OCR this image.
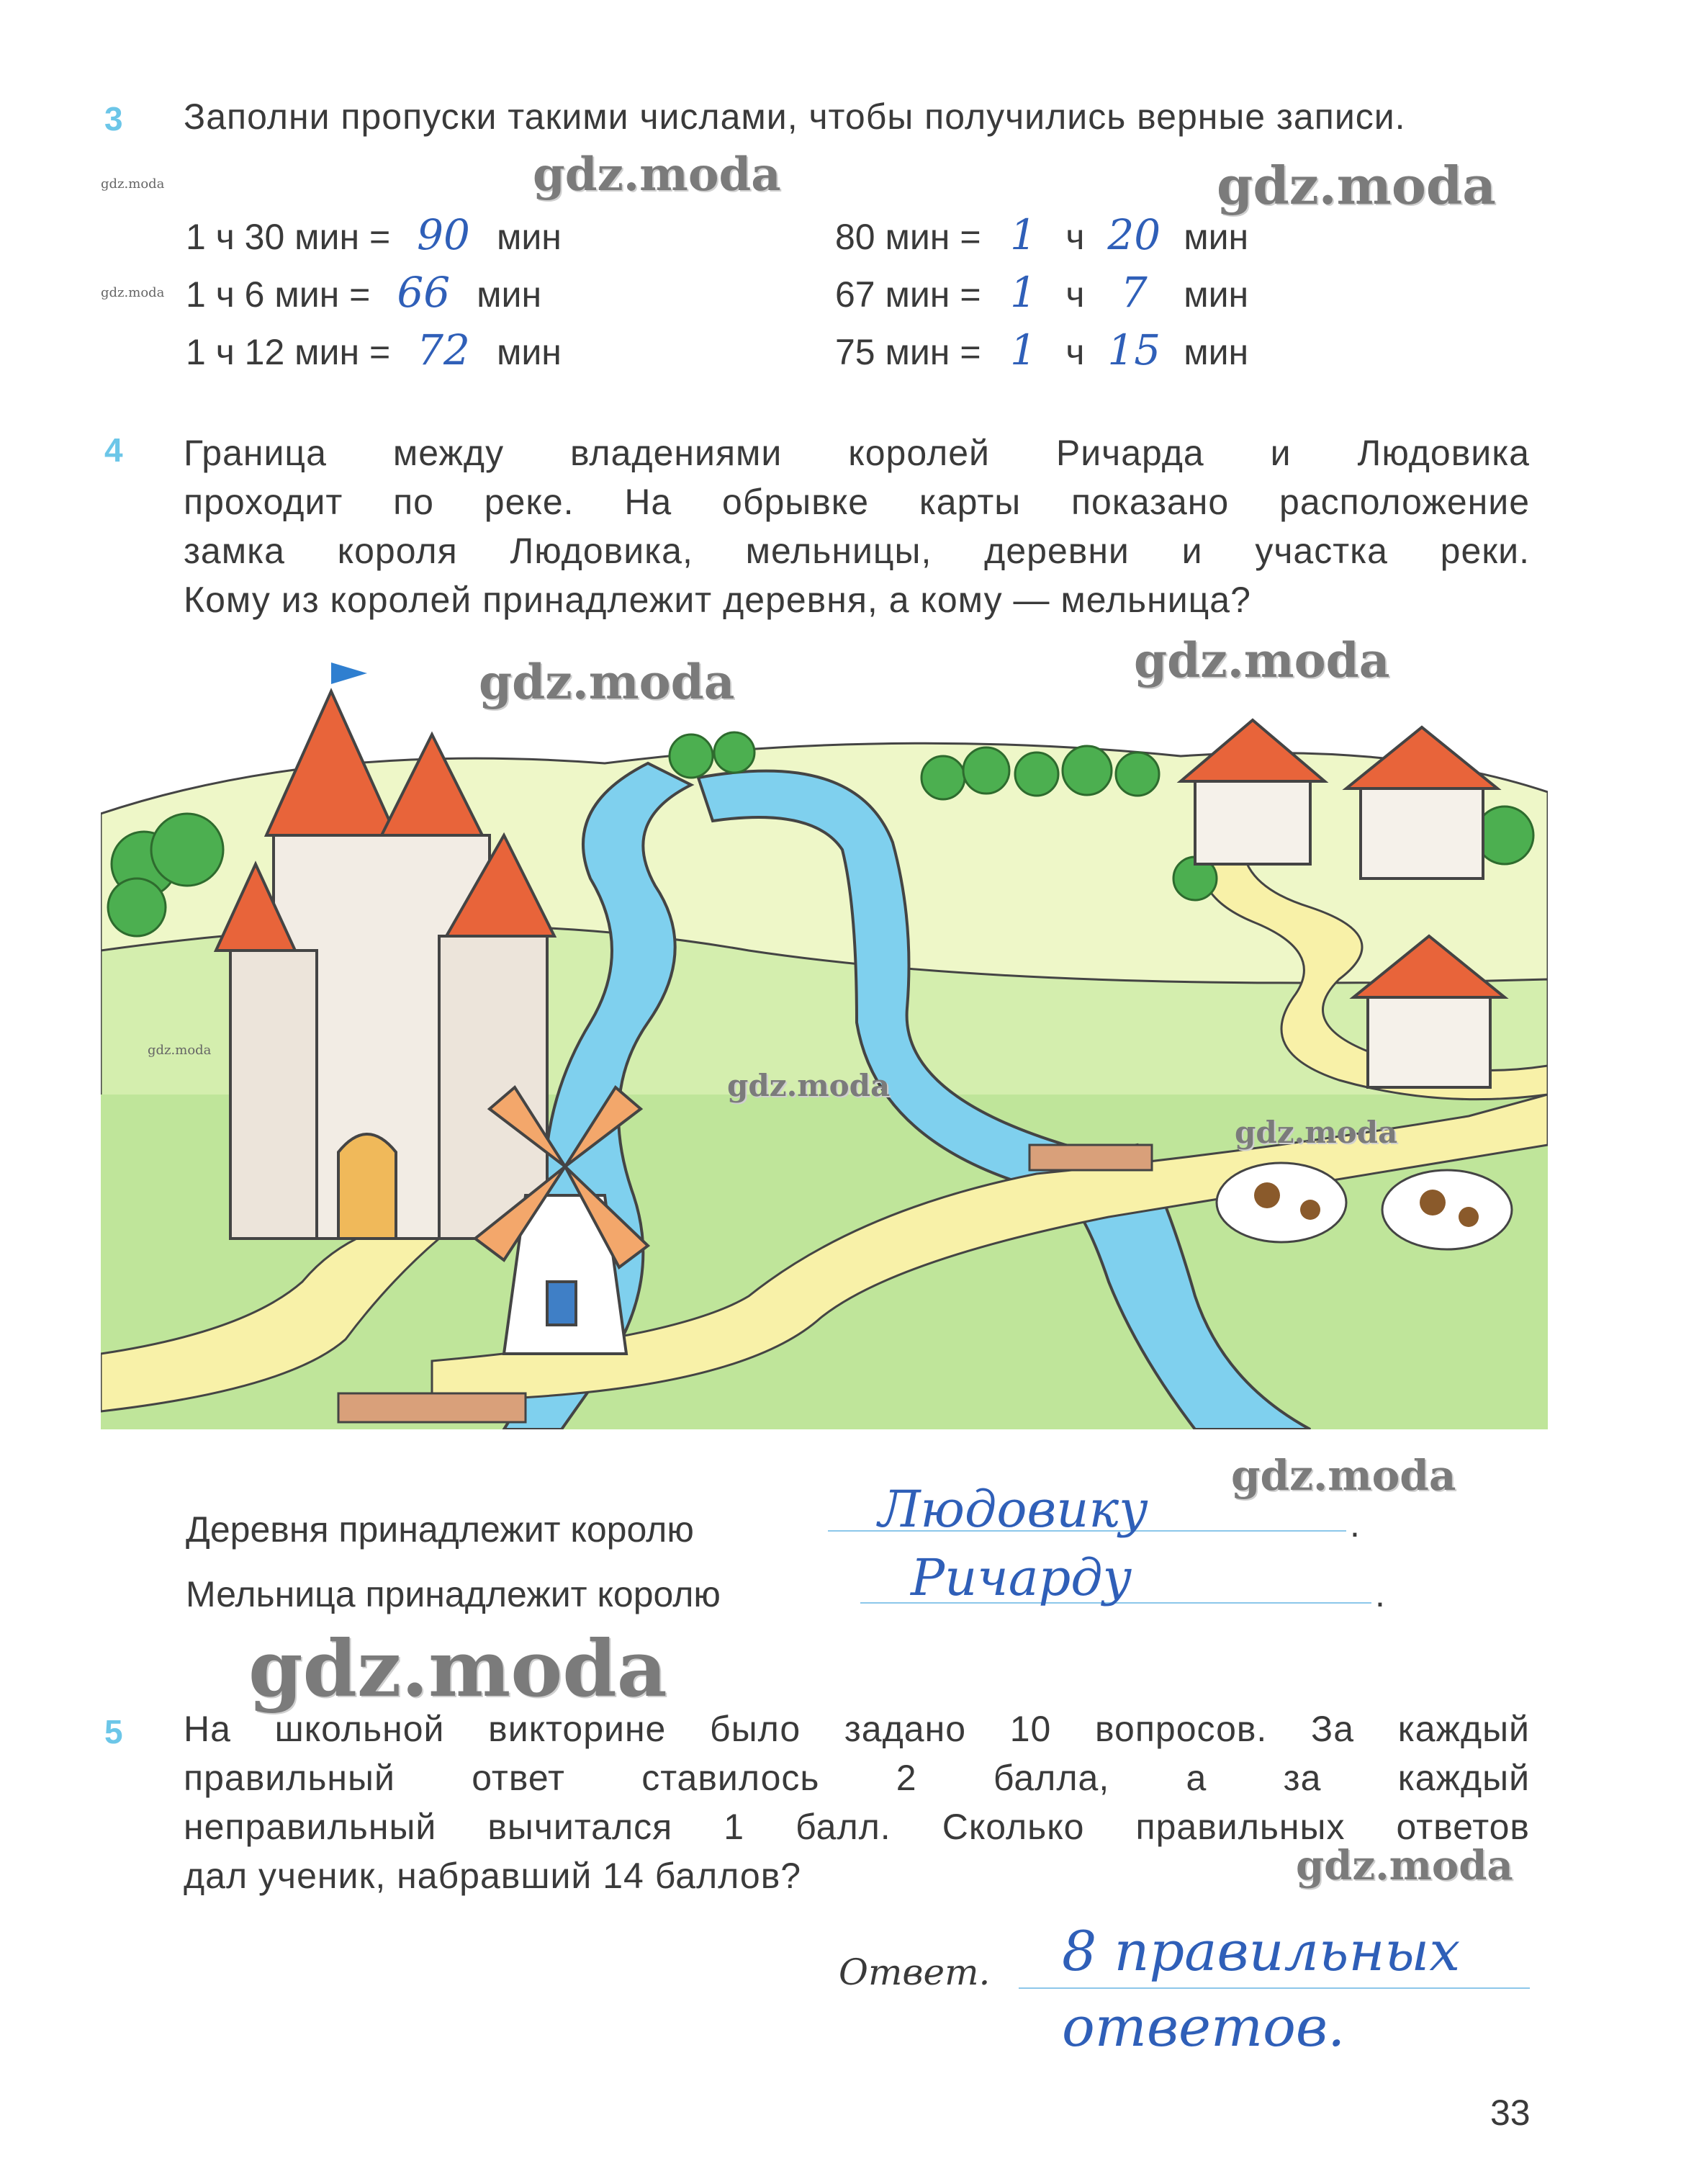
3 Заполни пропуски такими числами, чтобы получились верные записи.
gdz.moda
gdz.moda
1 ч 30 мин = 90 мин
1 ч 6 мин = 66 мин
1 ч 12 мин = 72 мин
80 мин = 1 ч 20 мин
67 мин = 1 ч 7 мин
75 мин = 1 ч 15 мин
gdz.moda	gdz.moda
4 Граница между владениями королей Ричарда и Людовика
проходит по реке. На обрывке карты показано расположение
замка короля Людовика, мельницы, деревни и участка реки.
Кому из королей принадлежит деревня, а кому — мельница?
gdz.moda	gdz.moda
gdz.moda
gdz.moda
gdz.moda
gdz.moda
Деревня принадлежит королю	Людовику	.
Мельница принадлежит королю	Ричарду	.
gdz.moda
5 На школьной викторине было задано 10 вопросов. За каждый
правильный ответ ставилось 2 балла, а за каждый
неправильный вычитался 1 балл. Сколько правильных ответов
дал ученик, набравший 14 баллов?	gdz.moda
Ответ. 8 правильных
ответов.
33
